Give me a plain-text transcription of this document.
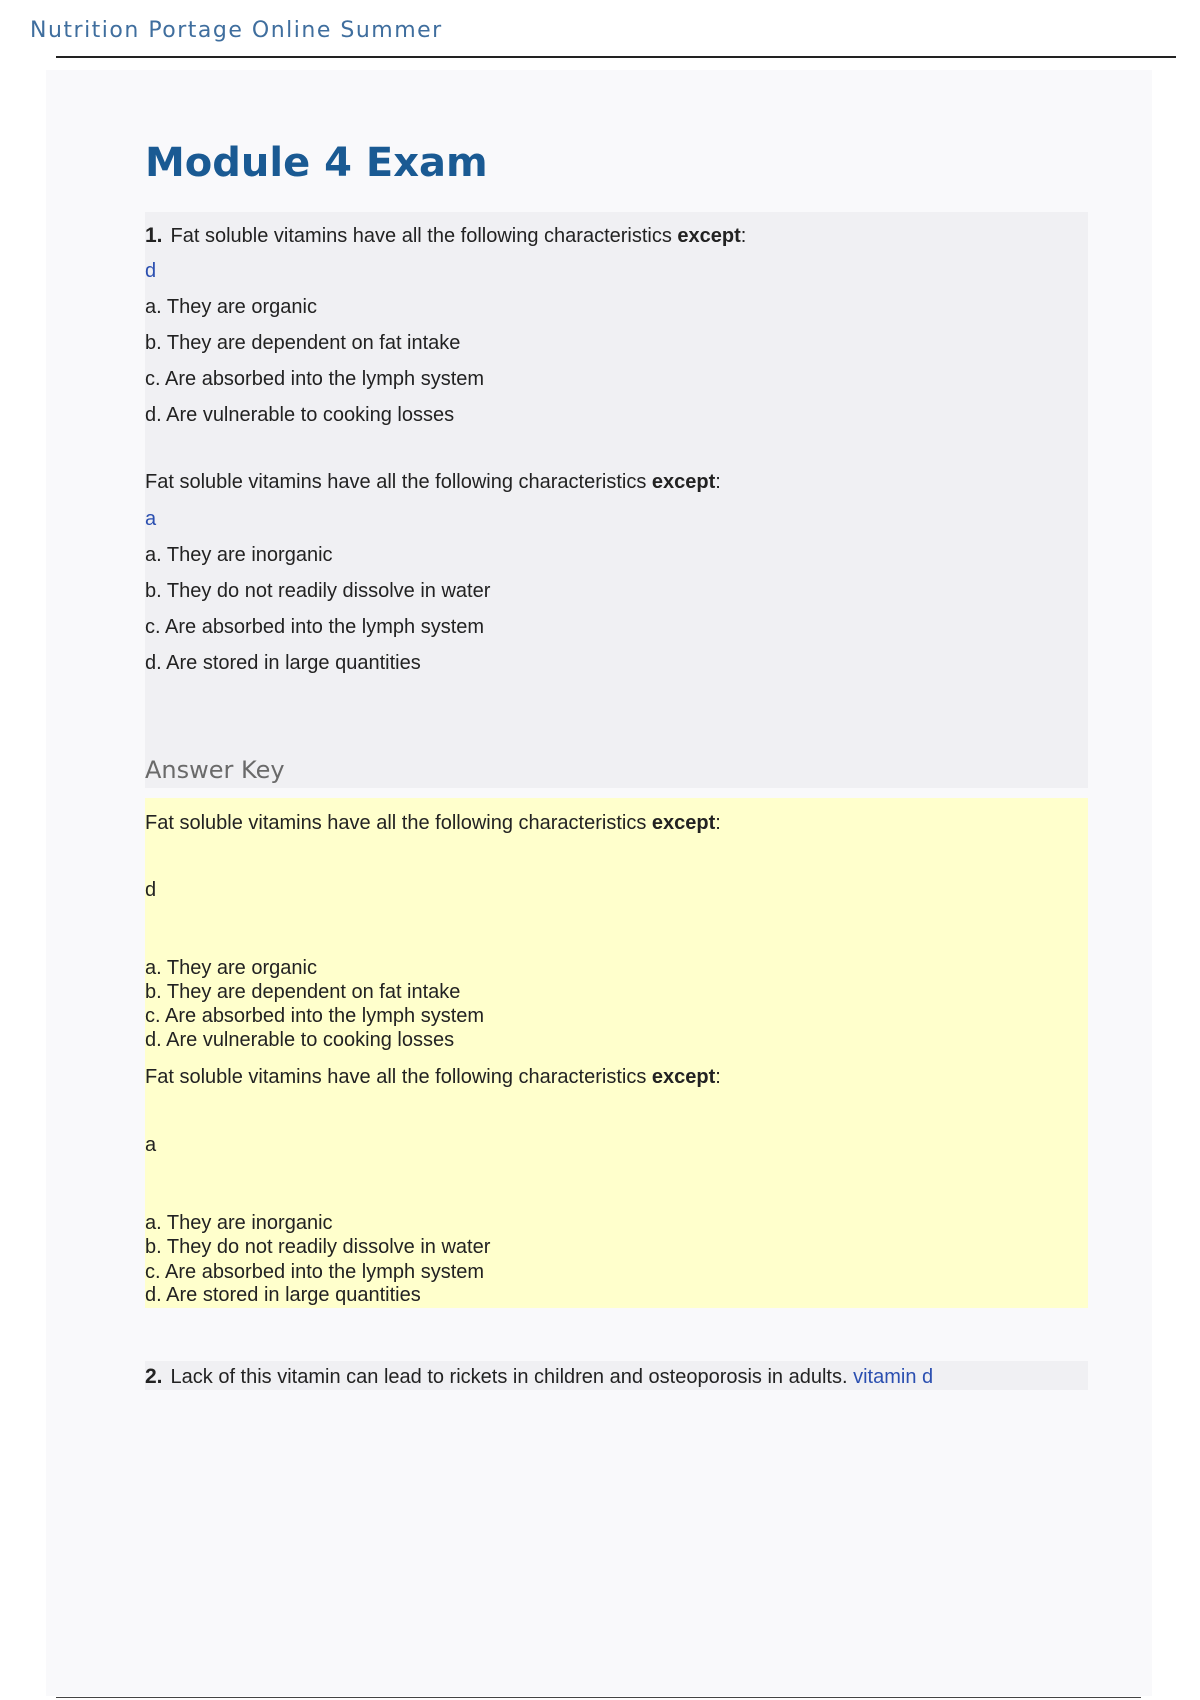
Nutrition Portage Online Summer
Module 4 Exam
1. Fat soluble vitamins have all the following characteristics except:
d
a. They are organic
b. They are dependent on fat intake
c. Are absorbed into the lymph system
d. Are vulnerable to cooking losses
Fat soluble vitamins have all the following characteristics except:
a
a. They are inorganic
b. They do not readily dissolve in water
c. Are absorbed into the lymph system
d. Are stored in large quantities
Answer Key
Fat soluble vitamins have all the following characteristics except:
d
a. They are organic
b. They are dependent on fat intake
c. Are absorbed into the lymph system
d. Are vulnerable to cooking losses
Fat soluble vitamins have all the following characteristics except:
a
a. They are inorganic
b. They do not readily dissolve in water
c. Are absorbed into the lymph system
d. Are stored in large quantities
2. Lack of this vitamin can lead to rickets in children and osteoporosis in adults. vitamin d
